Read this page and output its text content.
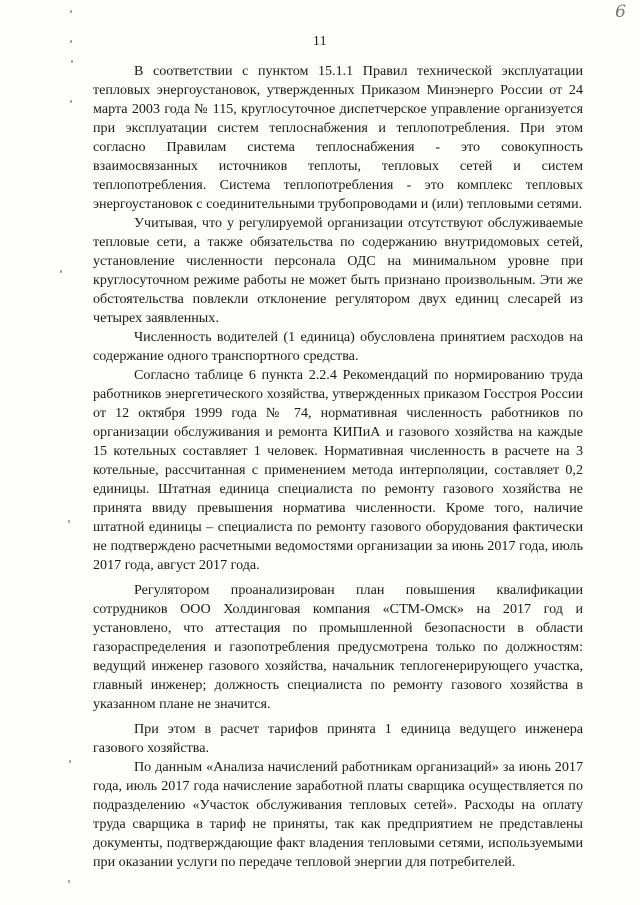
6
11

В соответствии с пунктом 15.1.1 Правил технической эксплуатации тепловых энергоустановок, утвержденных Приказом Минэнерго России от 24 марта 2003 года № 115, круглосуточное диспетчерское управление организуется при эксплуатации систем теплоснабжения и теплопотребления. При этом согласно Правилам система теплоснабжения - это совокупность взаимосвязанных источников теплоты, тепловых сетей и систем теплопотребления. Система теплопотребления - это комплекс тепловых энергоустановок с соединительными трубопроводами и (или) тепловыми сетями.

Учитывая, что у регулируемой организации отсутствуют обслуживаемые тепловые сети, а также обязательства по содержанию внутридомовых сетей, установление численности персонала ОДС на минимальном уровне при круглосуточном режиме работы не может быть признано произвольным. Эти же обстоятельства повлекли отклонение регулятором двух единиц слесарей из четырех заявленных.

Численность водителей (1 единица) обусловлена принятием расходов на содержание одного транспортного средства.

Согласно таблице 6 пункта 2.2.4 Рекомендаций по нормированию труда работников энергетического хозяйства, утвержденных приказом Госстроя России от 12 октября 1999 года № 74, нормативная численность работников по организации обслуживания и ремонта КИПиА и газового хозяйства на каждые 15 котельных составляет 1 человек. Нормативная численность в расчете на 3 котельные, рассчитанная с применением метода интерполяции, составляет 0,2 единицы. Штатная единица специалиста по ремонту газового хозяйства не принята ввиду превышения норматива численности. Кроме того, наличие штатной единицы – специалиста по ремонту газового оборудования фактически не подтверждено расчетными ведомостями организации за июнь 2017 года, июль 2017 года, август 2017 года.

Регулятором проанализирован план повышения квалификации сотрудников ООО Холдинговая компания «СТМ-Омск» на 2017 год и установлено, что аттестация по промышленной безопасности в области газораспределения и газопотребления предусмотрена только по должностям: ведущий инженер газового хозяйства, начальник теплогенерирующего участка, главный инженер; должность специалиста по ремонту газового хозяйства в указанном плане не значится.

При этом в расчет тарифов принята 1 единица ведущего инженера газового хозяйства.

По данным «Анализа начислений работникам организаций» за июнь 2017 года, июль 2017 года начисление заработной платы сварщика осуществляется по подразделению «Участок обслуживания тепловых сетей». Расходы на оплату труда сварщика в тариф не приняты, так как предприятием не представлены документы, подтверждающие факт владения тепловыми сетями, используемыми при оказании услуги по передаче тепловой энергии для потребителей.
